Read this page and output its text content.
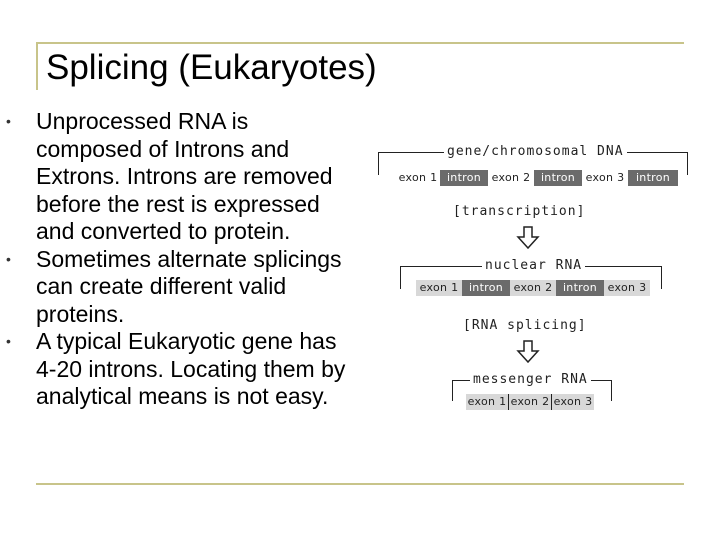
Splicing (Eukaryotes)
• Unprocessed RNA is composed of Introns and Extrons. Introns are removed before the rest is expressed and converted to protein.
• Sometimes alternate splicings can create different valid proteins.
• A typical Eukaryotic gene has 4-20 introns. Locating them by analytical means is not easy.
gene/chromosomal DNA
exon 1 intron exon 2 intron exon 3	intron
[transcription]
nuclear RNA
exon 1 intron exon 2 intron exon 3
[RNA splicing]
messenger RNA
exon 1 exon 2 exon 3
